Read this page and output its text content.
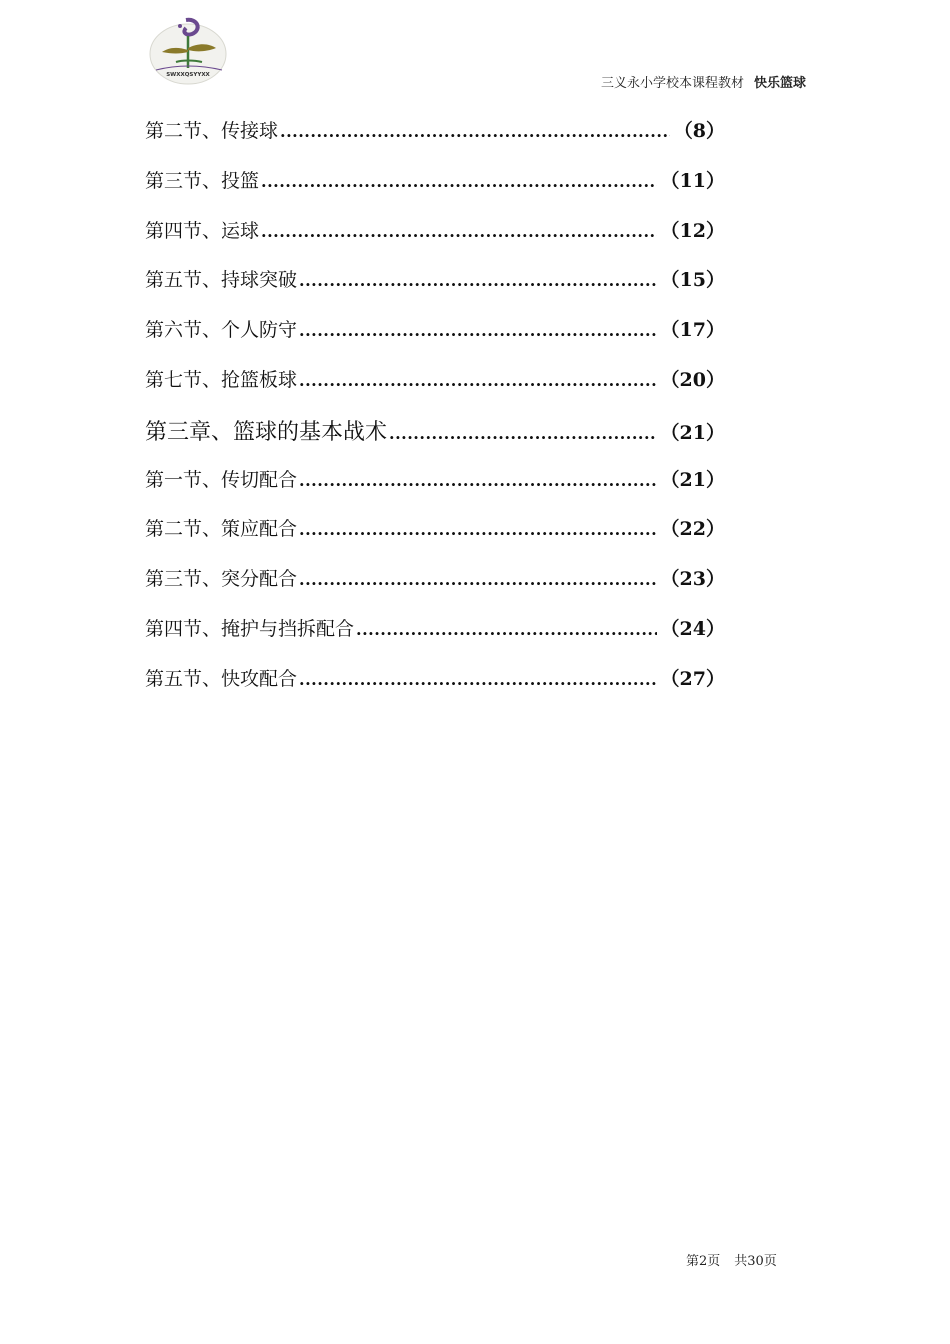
SWXXQSYYXX
三义永小学校本课程教材 快乐篮球
第二节、传接球 .....	（8）
第三节、投篮 .....	（11）
第四节、运球 .....	（12）
第五节、持球突破 .....	（15）
第六节、个人防守 .....	（17）
第七节、抢篮板球 .....	（20）
第三章、篮球的基本战术 .....	（21）
第一节、传切配合 .....	（21）
第二节、策应配合 .....	（22）
第三节、突分配合 .....	（23）
第四节、掩护与挡拆配合 .....	（24）
第五节、快攻配合 .....	（27）
第2页 共30页
